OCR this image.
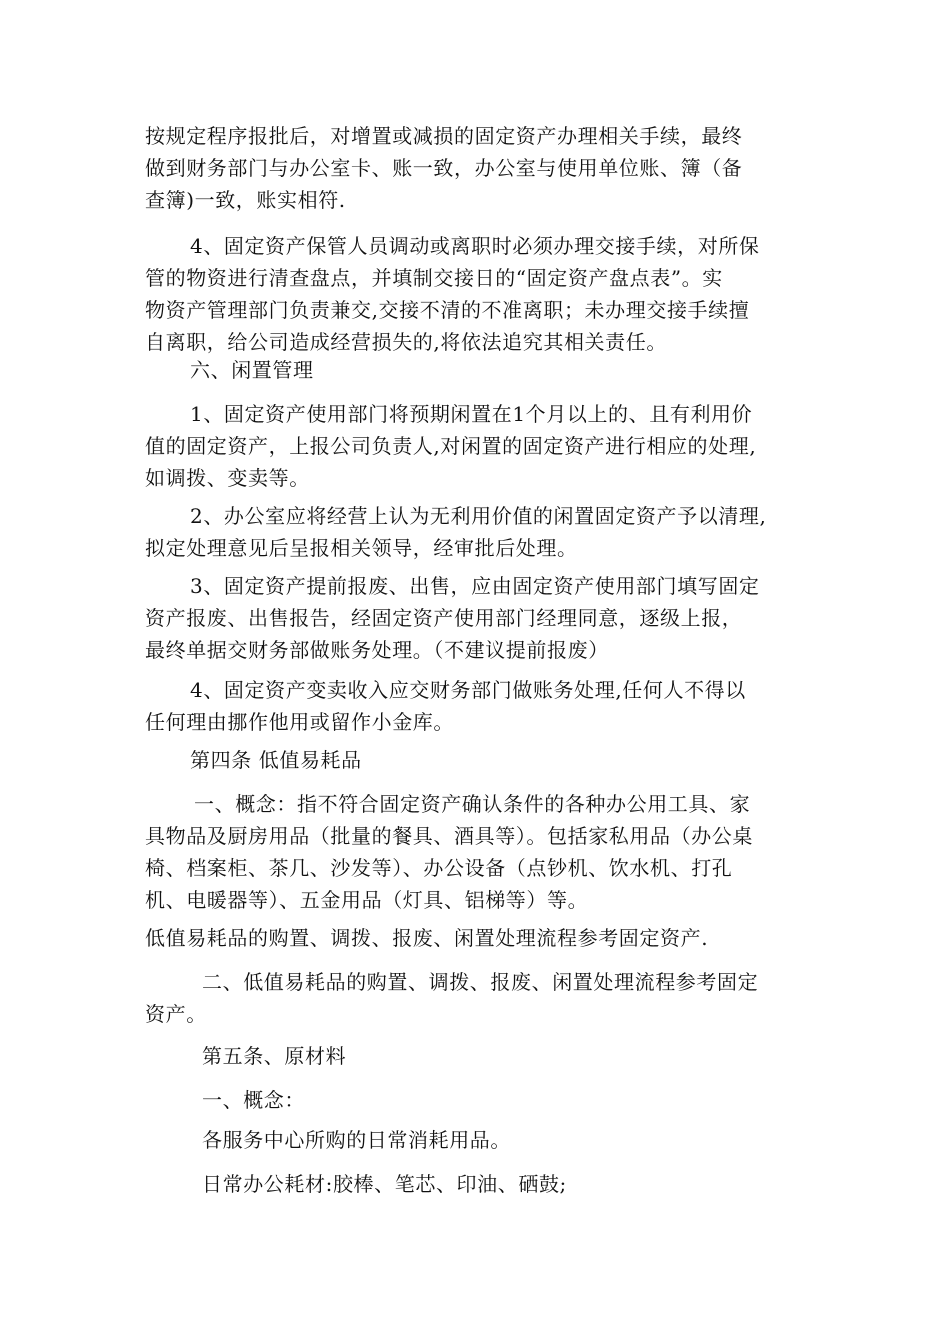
按规定程序报批后，对增置或减损的固定资产办理相关手续，最终

做到财务部门与办公室卡、账一致，办公室与使用单位账、簿（备

查簿)一致，账实相符.

4、固定资产保管人员调动或离职时必须办理交接手续，对所保

管的物资进行清查盘点，并填制交接日的“固定资产盘点表”。实

物资产管理部门负责兼交,交接不清的不准离职；未办理交接手续擅

自离职，给公司造成经营损失的,将依法追究其相关责任。

六、闲置管理

1、固定资产使用部门将预期闲置在1个月以上的、且有利用价

值的固定资产，上报公司负责人,对闲置的固定资产进行相应的处理,

如调拨、变卖等。

2、办公室应将经营上认为无利用价值的闲置固定资产予以清理,

拟定处理意见后呈报相关领导，经审批后处理。

3、固定资产提前报废、出售，应由固定资产使用部门填写固定

资产报废、出售报告，经固定资产使用部门经理同意，逐级上报，

最终单据交财务部做账务处理。（不建议提前报废）

4、固定资产变卖收入应交财务部门做账务处理,任何人不得以

任何理由挪作他用或留作小金库。

第四条 低值易耗品

一、概念：指不符合固定资产确认条件的各种办公用工具、家

具物品及厨房用品（批量的餐具、酒具等）。包括家私用品（办公桌

椅、档案柜、茶几、沙发等）、办公设备（点钞机、饮水机、打孔

机、电暖器等）、五金用品（灯具、铝梯等）等。

低值易耗品的购置、调拨、报废、闲置处理流程参考固定资产.

二、低值易耗品的购置、调拨、报废、闲置处理流程参考固定

资产。

第五条、原材料

一、概念：

各服务中心所购的日常消耗用品。

日常办公耗材:胶棒、笔芯、印油、硒鼓;
